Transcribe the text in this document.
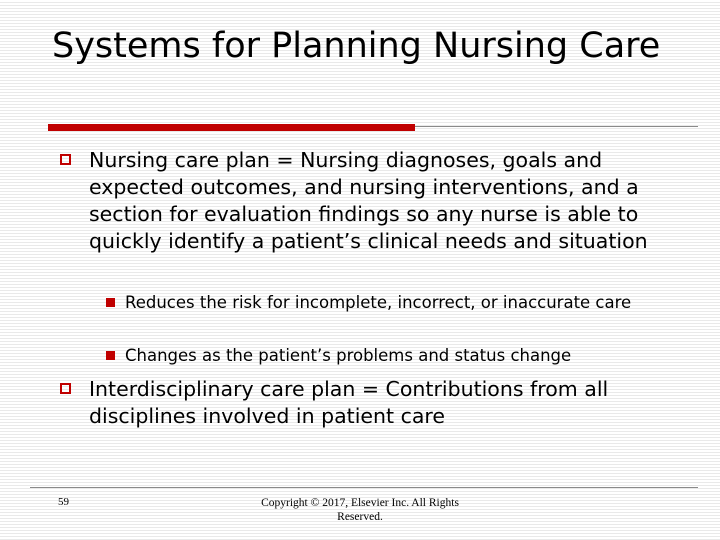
Systems for Planning Nursing Care
Nursing care plan = Nursing diagnoses, goals and expected outcomes, and nursing interventions, and a section for evaluation findings so any nurse is able to quickly identify a patient’s clinical needs and situation
Reduces the risk for incomplete, incorrect, or inaccurate care
Changes as the patient’s problems and status change
Interdisciplinary care plan = Contributions from all disciplines involved in patient care
59	Copyright © 2017, Elsevier Inc. All Rights Reserved.
